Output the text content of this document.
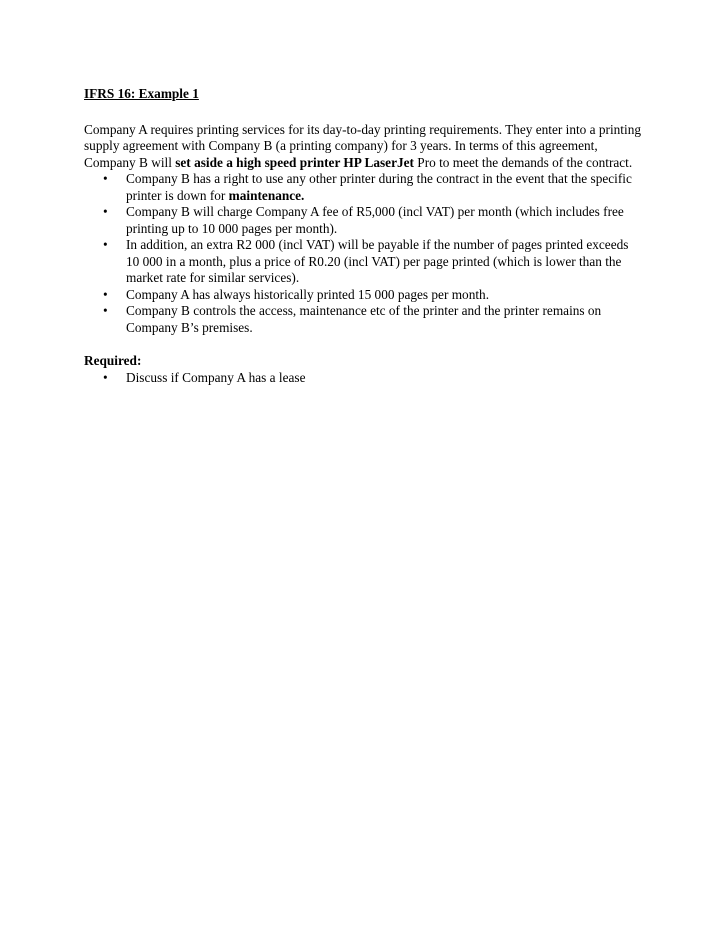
IFRS 16: Example 1

Company A requires printing services for its day-to-day printing requirements. They enter into a printing supply agreement with Company B (a printing company) for 3 years. In terms of this agreement, Company B will set aside a high speed printer HP LaserJet Pro to meet the demands of the contract.

• Company B has a right to use any other printer during the contract in the event that the specific printer is down for maintenance.
• Company B will charge Company A fee of R5,000 (incl VAT) per month (which includes free printing up to 10 000 pages per month).
• In addition, an extra R2 000 (incl VAT) will be payable if the number of pages printed exceeds 10 000 in a month, plus a price of R0.20 (incl VAT) per page printed (which is lower than the market rate for similar services).
• Company A has always historically printed 15 000 pages per month.
• Company B controls the access, maintenance etc of the printer and the printer remains on Company B’s premises.

Required:

• Discuss if Company A has a lease
